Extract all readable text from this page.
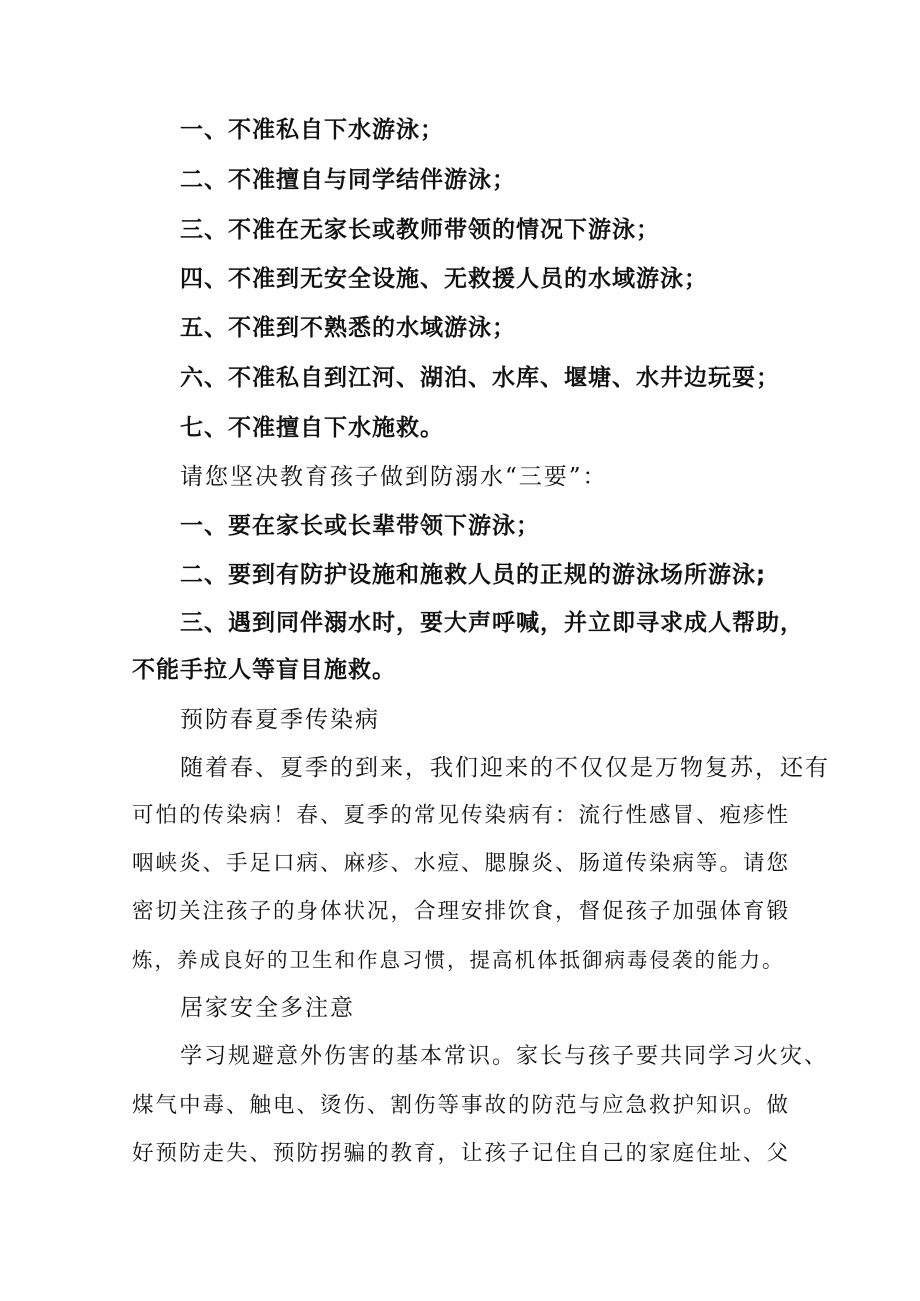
一、不准私自下水游泳；
二、不准擅自与同学结伴游泳；
三、不准在无家长或教师带领的情况下游泳；
四、不准到无安全设施、无救援人员的水域游泳；
五、不准到不熟悉的水域游泳；
六、不准私自到江河、湖泊、水库、堰塘、水井边玩耍；
七、不准擅自下水施救。
请您坚决教育孩子做到防溺水“三要”：
一、要在家长或长辈带领下游泳；
二、要到有防护设施和施救人员的正规的游泳场所游泳;
三、遇到同伴溺水时，要大声呼喊，并立即寻求成人帮助，
不能手拉人等盲目施救。
预防春夏季传染病
随着春、夏季的到来，我们迎来的不仅仅是万物复苏，还有
可怕的传染病！春、夏季的常见传染病有：流行性感冒、疱疹性
咽峡炎、手足口病、麻疹、水痘、腮腺炎、肠道传染病等。请您
密切关注孩子的身体状况，合理安排饮食，督促孩子加强体育锻
炼，养成良好的卫生和作息习惯，提高机体抵御病毒侵袭的能力。
居家安全多注意
学习规避意外伤害的基本常识。家长与孩子要共同学习火灾、
煤气中毒、触电、烫伤、割伤等事故的防范与应急救护知识。做
好预防走失、预防拐骗的教育，让孩子记住自己的家庭住址、父
